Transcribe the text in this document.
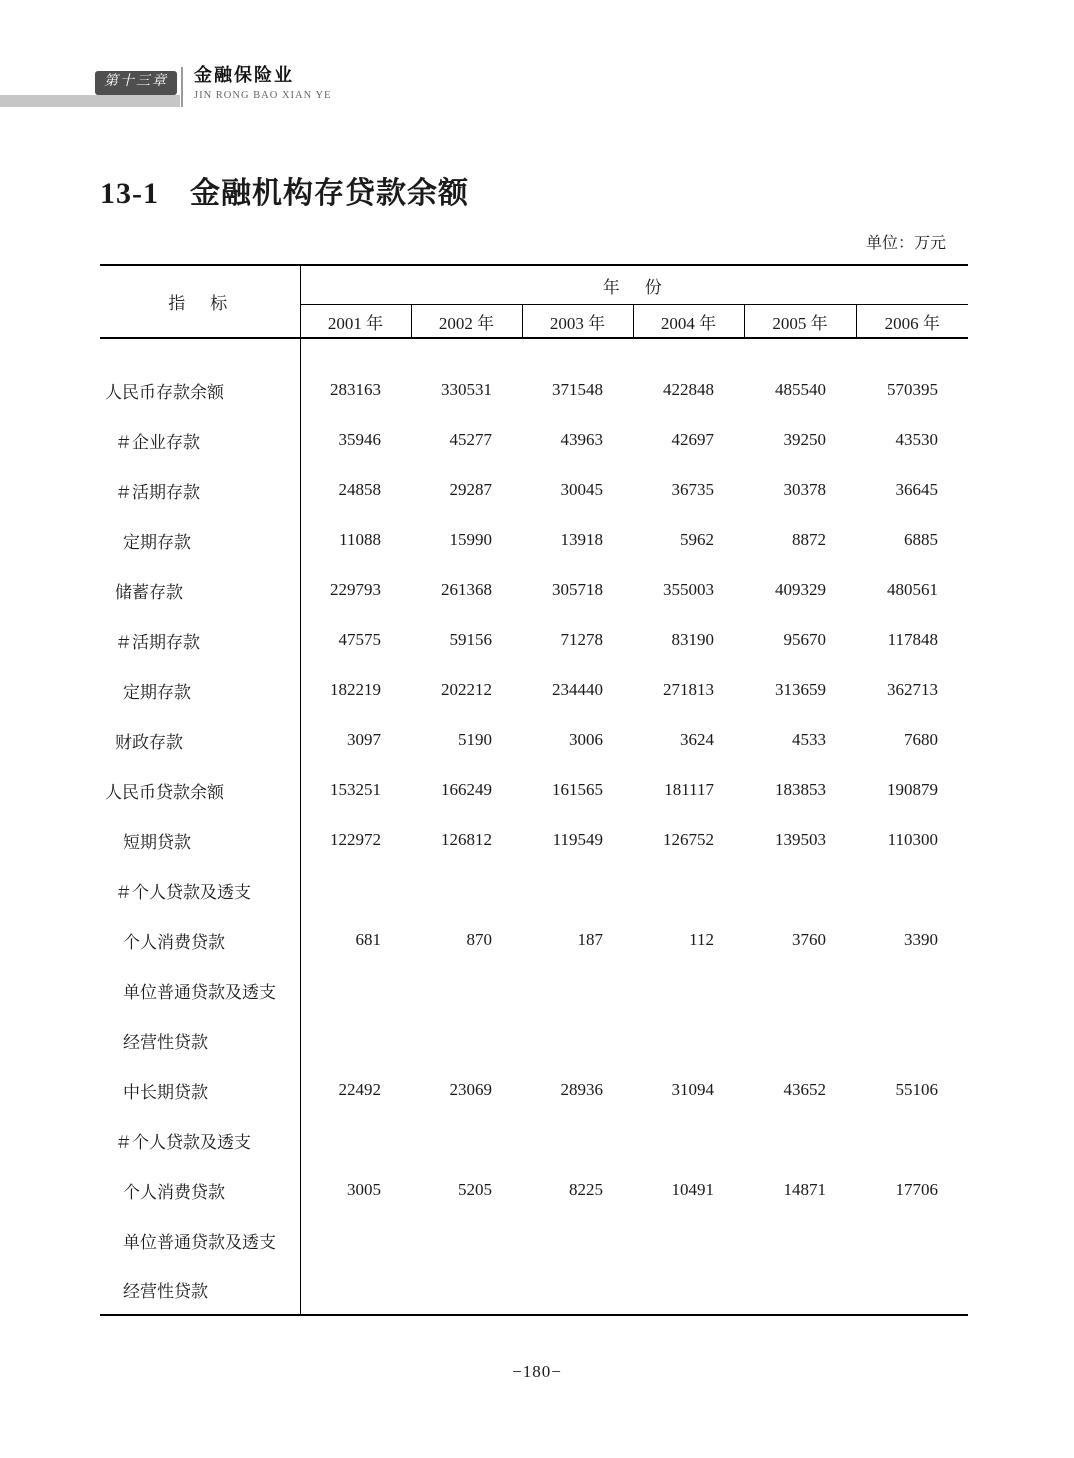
第十三章	金融保险业
JIN RONG BAO XIAN YE
13-1　金融机构存贷款余额
单位：万元
指　标	年　份					
	2001 年	2002 年	2003 年	2004 年	2005 年	2006 年
人民币存款余额	283163	330531	371548	422848	485540	570395
＃企业存款	35946	45277	43963	42697	39250	43530
＃活期存款	24858	29287	30045	36735	30378	36645
定期存款	11088	15990	13918	5962	8872	6885
储蓄存款	229793	261368	305718	355003	409329	480561
＃活期存款	47575	59156	71278	83190	95670	117848
定期存款	182219	202212	234440	271813	313659	362713
财政存款	3097	5190	3006	3624	4533	7680
人民币贷款余额	153251	166249	161565	181117	183853	190879
短期贷款	122972	126812	119549	126752	139503	110300
＃个人贷款及透支						
个人消费贷款	681	870	187	112	3760	3390
单位普通贷款及透支						
经营性贷款						
中长期贷款	22492	23069	28936	31094	43652	55106
＃个人贷款及透支						
个人消费贷款	3005	5205	8225	10491	14871	17706
单位普通贷款及透支						
经营性贷款						
−180−
